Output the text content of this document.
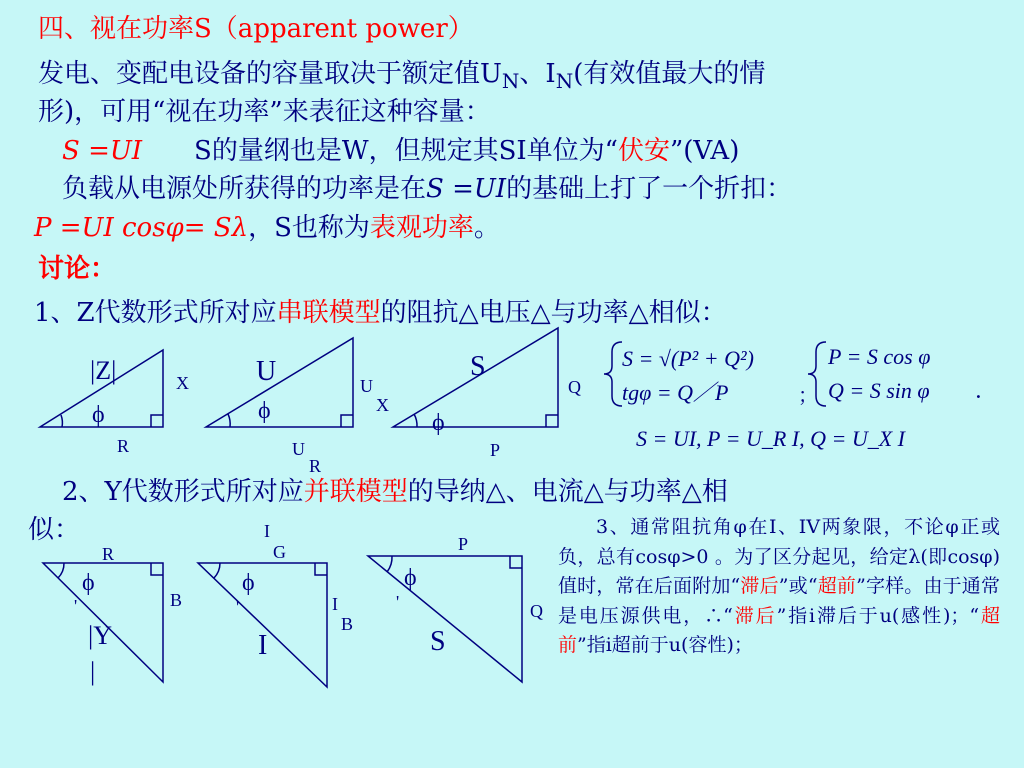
四、视在功率S（apparent power）
发电、变配电设备的容量取决于额定值$U_N$、$I_N$(有效值最大的情
形)，可用“视在功率”来表征这种容量：
S =UI S的量纲也是W，但规定其SI单位为“伏安”(VA)
负载从电源处所获得的功率是在S =UI的基础上打了一个折扣：
P =UI cosφ= Sλ，S也称为表观功率。
讨论：
1、Z代数形式所对应串联模型的阻抗△电压△与功率△相似：
|Z|	X
R
ϕ
U	U
X
U
R
ϕ
S
Q
P
ϕ
S = √(P² + Q²)
tgφ = Q／P	；
P = S cos φ
Q = S sin φ ．
S = UI, P = U_R I, Q = U_X I
R
B
ϕ
'
|Y
|
I
G
I
B
ϕ
'
I
P
Q
ϕ
'
S
2、Y代数形式所对应并联模型的导纳△、电流△与功率△相
似：	3、通常阻抗角φ在I、IV两象限，不论φ正或负，总有cosφ>0 。为了区分起见，给定λ(即cosφ)值时，常在后面附加“滞后”或“超前”字样。由于通常是电压源供电，∴“滞后”指i滞后于u(感性)；“超前”指i超前于u(容性)；
